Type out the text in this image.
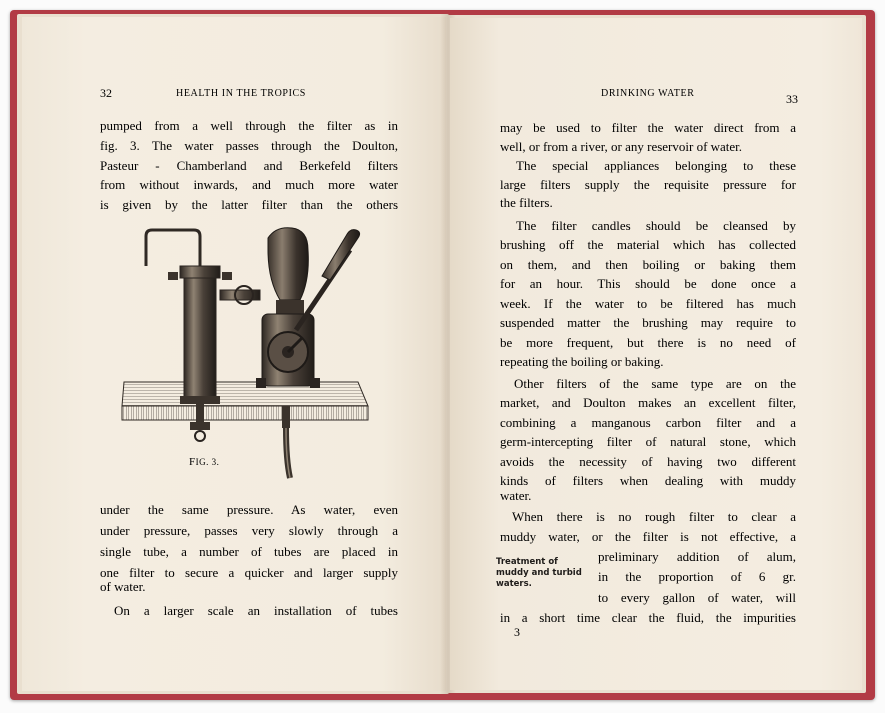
32	HEALTH IN THE TROPICS
pumped from a well through the filter as in
fig. 3. The water passes through the Doulton,
Pasteur - Chamberland and Berkefeld filters
from without inwards, and much more water
is given by the latter filter than the others
FIG. 3.
under the same pressure. As water, even
under pressure, passes very slowly through a
single tube, a number of tubes are placed in
one filter to secure a quicker and larger supply
of water.
On a larger scale an installation of tubes
DRINKING WATER	33
may be used to filter the water direct from a
well, or from a river, or any reservoir of water.
The special appliances belonging to these
large filters supply the requisite pressure for
the filters.
The filter candles should be cleansed by
brushing off the material which has collected
on them, and then boiling or baking them
for an hour. This should be done once a
week. If the water to be filtered has much
suspended matter the brushing may require to
be more frequent, but there is no need of
repeating the boiling or baking.
Other filters of the same type are on the
market, and Doulton makes an excellent filter,
combining a manganous carbon filter and a
germ-intercepting filter of natural stone, which
avoids the necessity of having two different
kinds of filters when dealing with muddy
water.
When there is no rough filter to clear a
muddy water, or the filter is not effective, a
preliminary addition of alum,
in the proportion of 6 gr.
to every gallon of water, will
in a short time clear the fluid, the impurities
Treatment of
muddy and turbid
waters.
3
